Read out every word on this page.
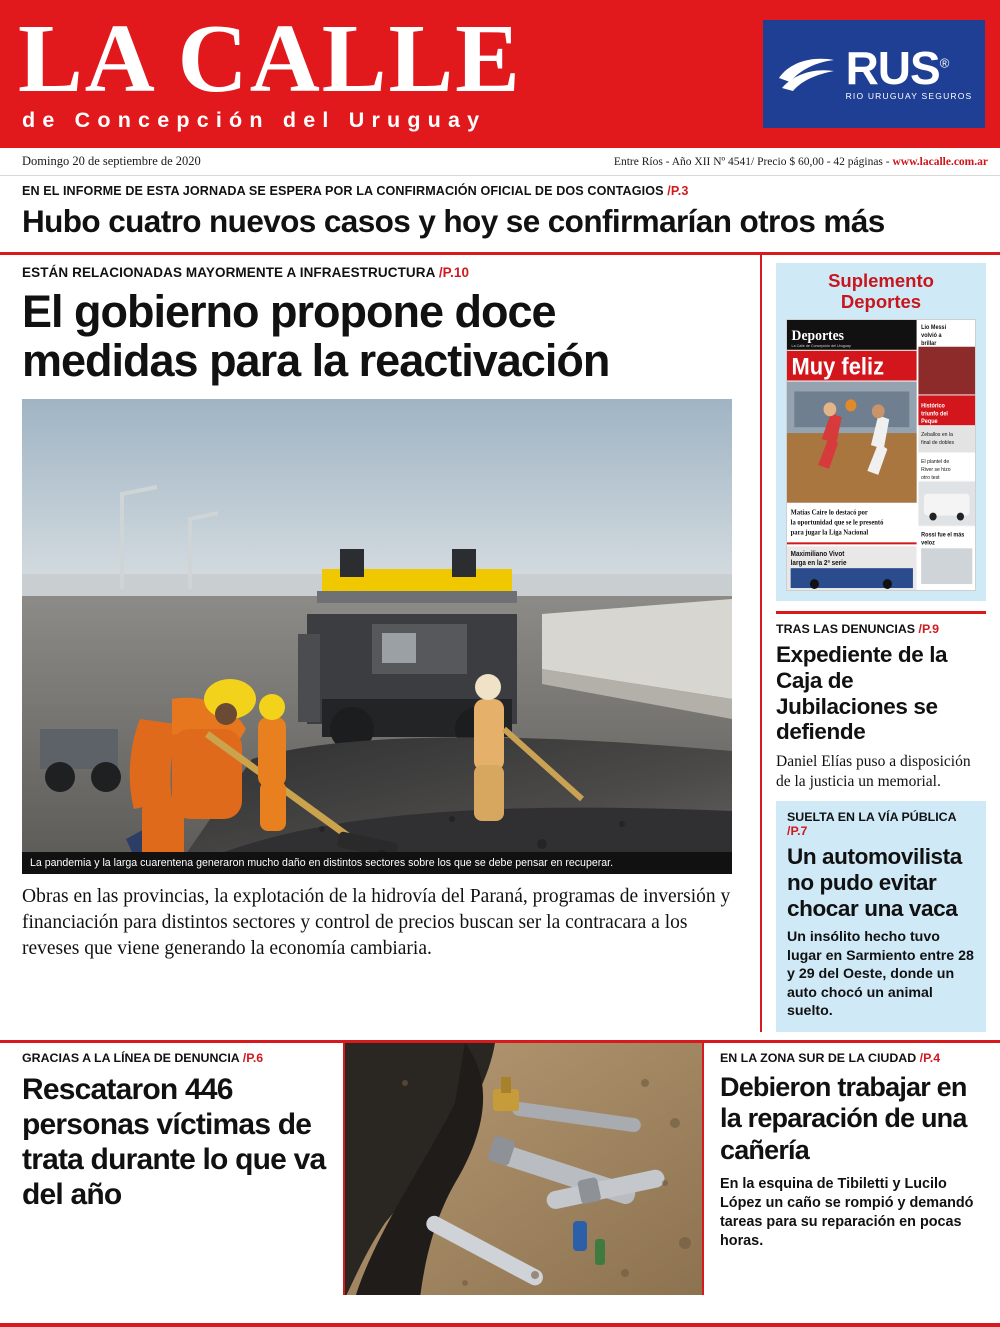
LA CALLE
de Concepción del Uruguay
RUS®
RIO URUGUAY SEGUROS
Domingo 20 de septiembre de 2020	Entre Ríos - Año XII Nº 4541/ Precio $ 60,00 - 42 páginas - www.lacalle.com.ar
EN EL INFORME DE ESTA JORNADA SE ESPERA POR LA CONFIRMACIÓN OFICIAL DE DOS CONTAGIOS /P.3
Hubo cuatro nuevos casos y hoy se confirmarían otros más
ESTÁN RELACIONADAS MAYORMENTE A INFRAESTRUCTURA /P.10
El gobierno propone doce
medidas para la reactivación
La pandemia y la larga cuarentena generaron mucho daño en distintos sectores sobre los que se debe pensar en recuperar.
Obras en las provincias, la explotación de la hidrovía del Paraná, programas de inversión y financiación para distintos sectores y control de precios buscan ser la contracara a los reveses que viene generando la economía cambiaria.
Suplemento
Deportes
Deportes
La Calle de Concepción del Uruguay
Muy feliz
Matías Caire lo destacó por
la oportunidad que se le presentó
para jugar la Liga Nacional
Maximiliano Vivot
larga en la 2ª serie
Lio Messi
volvió a
brillar
Histórico
triunfo del
Peque
Zeballos en la
final de dobles
El plantel de
River se hizo
otro test
Rossi fue el más
veloz
TRAS LAS DENUNCIAS /P.9
Expediente de la Caja de Jubilaciones se defiende
Daniel Elías puso a disposición de la justicia un memorial.
SUELTA EN LA VÍA PÚBLICA /P.7
Un automovilista no pudo evitar chocar una vaca
Un insólito hecho tuvo lugar en Sarmiento entre 28 y 29 del Oeste, donde un auto chocó un animal suelto.
GRACIAS A LA LÍNEA DE DENUNCIA /P.6
Rescataron 446 personas víctimas de trata durante lo que va del año
EN LA ZONA SUR DE LA CIUDAD /P.4
Debieron trabajar en la reparación de una cañería
En la esquina de Tibiletti y Lucilo López un caño se rompió y demandó tareas para su reparación en pocas horas.
